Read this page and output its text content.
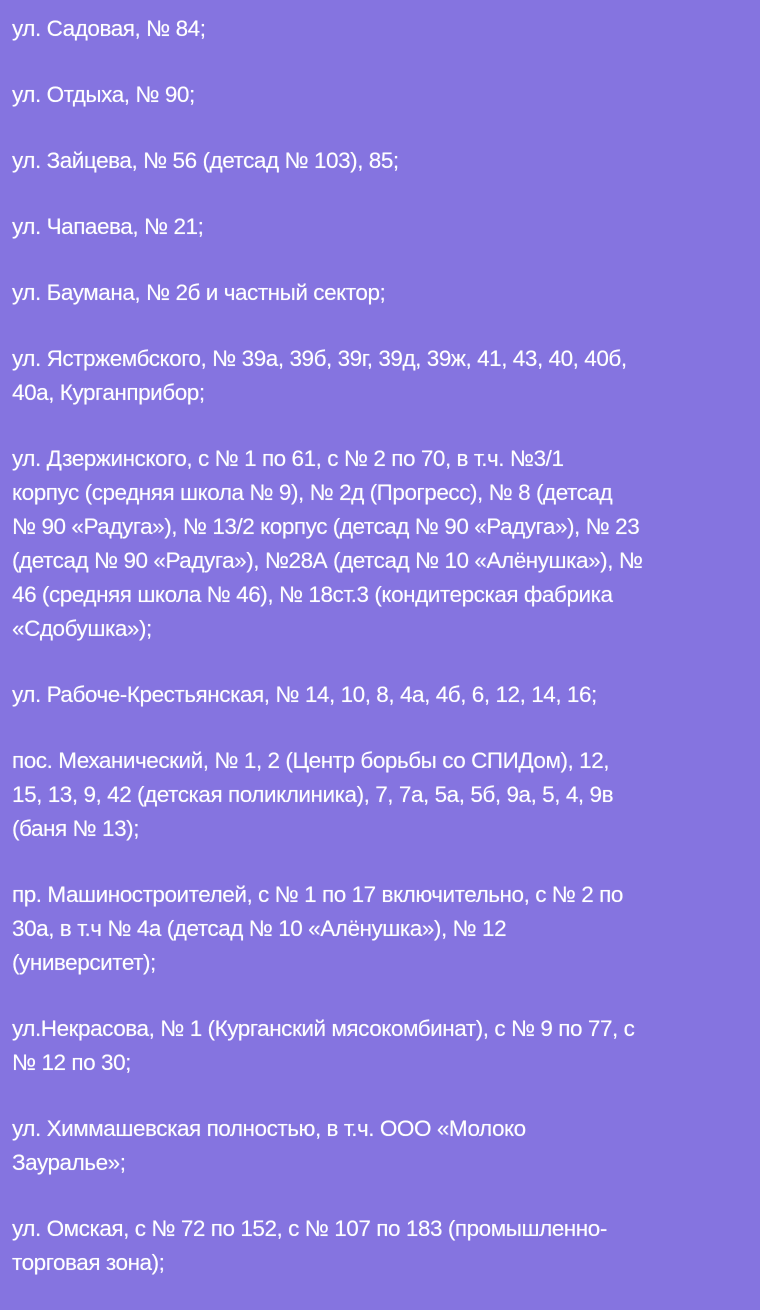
ул. Садовая, № 84;
ул. Отдыха, № 90;
ул. Зайцева, № 56 (детсад № 103), 85;
ул. Чапаева, № 21;
ул. Баумана, № 2б и частный сектор;
ул. Ястржембского, № 39а, 39б, 39г, 39д, 39ж, 41, 43, 40, 40б,
40а, Курганприбор;
ул. Дзержинского, с № 1 по 61, с № 2 по 70, в т.ч. №3/1
корпус (средняя школа № 9), № 2д (Прогресс), № 8 (детсад
№ 90 «Радуга»), № 13/2 корпус (детсад № 90 «Радуга»), № 23
(детсад № 90 «Радуга»), №28А (детсад № 10 «Алёнушка»), №
46 (средняя школа № 46), № 18ст.3 (кондитерская фабрика
«Сдобушка»);
ул. Рабоче-Крестьянская, № 14, 10, 8, 4а, 4б, 6, 12, 14, 16;
пос. Механический, № 1, 2 (Центр борьбы со СПИДом), 12,
15, 13, 9, 42 (детская поликлиника), 7, 7а, 5а, 5б, 9а, 5, 4, 9в
(баня № 13);
пр. Машиностроителей, с № 1 по 17 включительно, с № 2 по
30а, в т.ч № 4а (детсад № 10 «Алёнушка»), № 12
(университет);
ул.Некрасова, № 1 (Курганский мясокомбинат), с № 9 по 77, с
№ 12 по 30;
ул. Химмашевская полностью, в т.ч. ООО «Молоко
Зауралье»;
ул. Омская, с № 72 по 152, с № 107 по 183 (промышленно-
торговая зона);
